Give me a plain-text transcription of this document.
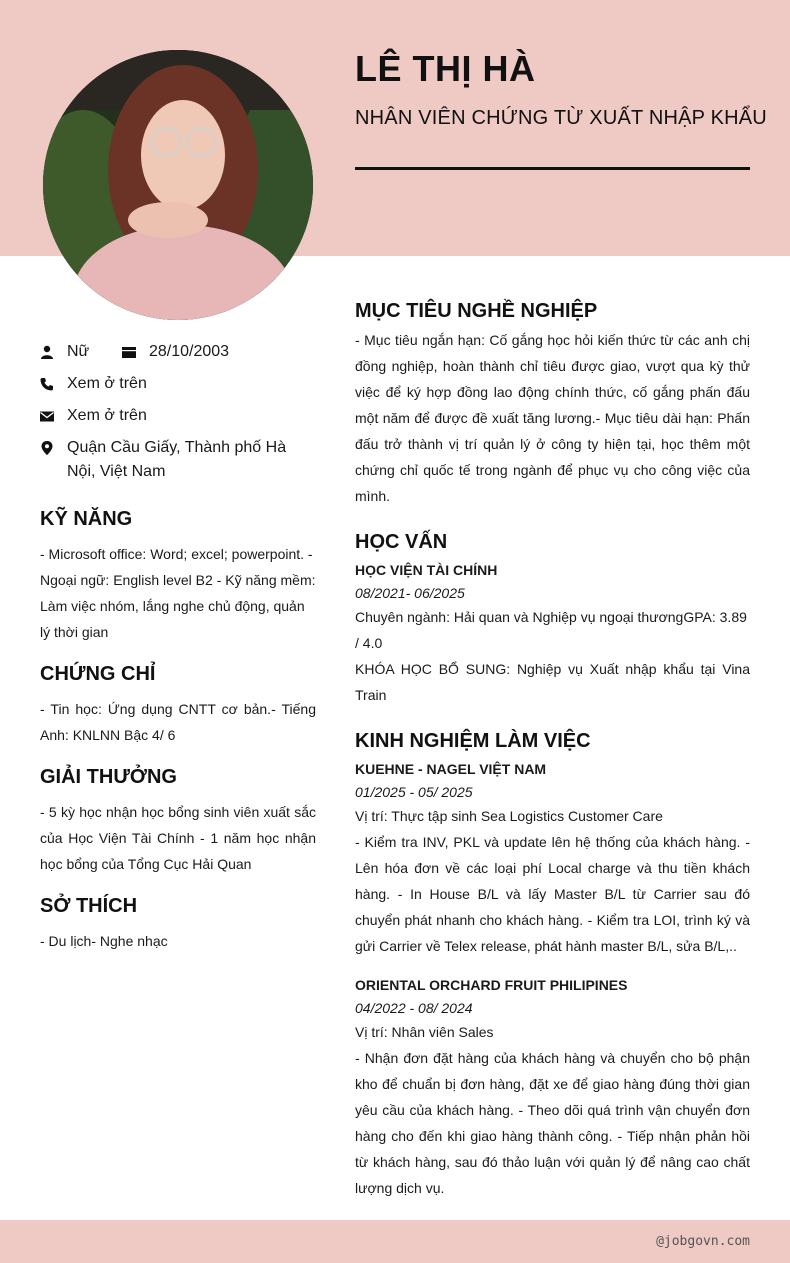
LÊ THỊ HÀ
NHÂN VIÊN CHỨNG TỪ XUẤT NHẬP KHẨU
Nữ	28/10/2003
Xem ở trên
Xem ở trên
Quận Cầu Giấy, Thành phố Hà Nội, Việt Nam
KỸ NĂNG

- Microsoft office: Word; excel; powerpoint. - Ngoại ngữ: English level B2 - Kỹ năng mềm: Làm việc nhóm, lắng nghe chủ động, quản lý thời gian

CHỨNG CHỈ

- Tin học: Ứng dụng CNTT cơ bản.- Tiếng Anh: KNLNN Bậc 4/ 6

GIẢI THƯỞNG

- 5 kỳ học nhận học bổng sinh viên xuất sắc của Học Viện Tài Chính - 1 năm học nhận học bổng của Tổng Cục Hải Quan

SỞ THÍCH

- Du lịch- Nghe nhạc

MỤC TIÊU NGHỀ NGHIỆP

- Mục tiêu ngắn hạn: Cố gắng học hỏi kiến thức từ các anh chị đồng nghiệp, hoàn thành chỉ tiêu được giao, vượt qua kỳ thử việc để ký hợp đồng lao động chính thức, cố gắng phấn đấu một năm để được đề xuất tăng lương.- Mục tiêu dài hạn: Phấn đấu trở thành vị trí quản lý ở công ty hiện tại, học thêm một chứng chỉ quốc tế trong ngành để phục vụ cho công việc của mình.

HỌC VẤN

HỌC VIỆN TÀI CHÍNH

08/2021- 06/2025

Chuyên ngành: Hải quan và Nghiệp vụ ngoại thươngGPA: 3.89 / 4.0

KHÓA HỌC BỔ SUNG: Nghiệp vụ Xuất nhập khẩu tại Vina Train

KINH NGHIỆM LÀM VIỆC

KUEHNE - NAGEL VIỆT NAM

01/2025 - 05/ 2025

Vị trí: Thực tập sinh Sea Logistics Customer Care

- Kiểm tra INV, PKL và update lên hệ thống của khách hàng. - Lên hóa đơn về các loại phí Local charge và thu tiền khách hàng. - In House B/L và lấy Master B/L từ Carrier sau đó chuyển phát nhanh cho khách hàng. - Kiểm tra LOI, trình ký và gửi Carrier về Telex release, phát hành master B/L, sửa B/L,..

ORIENTAL ORCHARD FRUIT PHILIPINES

04/2022 - 08/ 2024

Vị trí: Nhân viên Sales

- Nhận đơn đặt hàng của khách hàng và chuyển cho bộ phận kho để chuẩn bị đơn hàng, đặt xe để giao hàng đúng thời gian yêu cầu của khách hàng. - Theo dõi quá trình vận chuyển đơn hàng cho đến khi giao hàng thành công. - Tiếp nhận phản hồi từ khách hàng, sau đó thảo luận với quản lý để nâng cao chất lượng dịch vụ.

@jobgovn.com
